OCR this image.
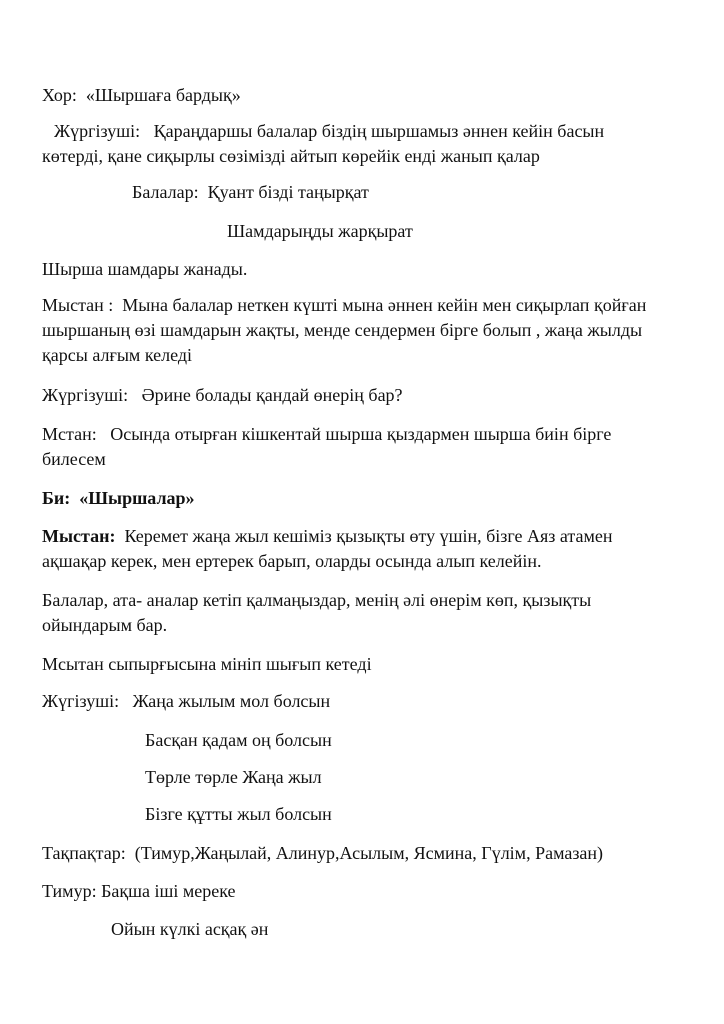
Хор: «Шыршаға бардық»
Жүргізуші: Қараңдаршы балалар біздің шыршамыз әннен кейін басын
көтерді, қане сиқырлы сөзімізді айтып көрейік енді жанып қалар
Балалар: Қуант бізді таңырқат
Шамдарыңды жарқырат
Шырша шамдары жанады.
Мыстан : Мына балалар неткен күшті мына әннен кейін мен сиқырлап қойған
шыршаның өзі шамдарын жақты, менде сендермен бірге болып , жаңа жылды
қарсы алғым келеді
Жүргізуші: Әрине болады қандай өнерің бар?
Мстан: Осында отырған кішкентай шырша қыздармен шырша биін бірге
билесем
Би: «Шыршалар»
Мыстан: Керемет жаңа жыл кешіміз қызықты өту үшін, бізге Аяз атамен
ақшақар керек, мен ертерек барып, оларды осында алып келейін.
Балалар, ата- аналар кетіп қалмаңыздар, менің әлі өнерім көп, қызықты
ойындарым бар.
Мсытан сыпырғысына мініп шығып кетеді
Жүгізуші: Жаңа жылым мол болсын
Басқан қадам оң болсын
Төрле төрле Жаңа жыл
Бізге құтты жыл болсын
Тақпақтар: (Тимур,Жаңылай, Алинур,Асылым, Ясмина, Гүлім, Рамазан)
Тимур: Бақша іші мереке
Ойын күлкі асқақ ән
